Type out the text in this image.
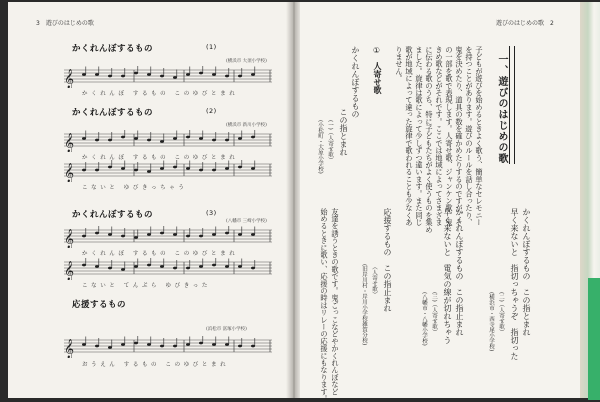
3　遊びのはじめの歌
かくれんぼするもの	(1)
(横浜市 大須小学校)
𝄞
かくれんぼ するもの このゆびとまれ
かくれんぼするもの	(2)
(横浜市 新川小学校)
𝄞
かくれんぼ するもの このゆびとまれ
𝄞
こないと ゆびきっちゃう
かくれんぼするもの	(3)
(八幡市 三崎小学校)
𝄞
かくれんぼ するもの このゆびとまれ
𝄞
こないと てんぷら ゆびきった
応援するもの
(浜松市 富塚小学校)
𝄞
おうえん するもの このゆびとまれ
遊びのはじめの歌　2
一、遊びのはじめの歌
子どもが遊びを始めるときよく歌う、簡単なセレモニー
を持つことがあります。遊びのルールを話し合ったり、
鬼を決めたり、道具の数を確かめたりするのですが、そ
の一部を歌で表現します。人寄せ歌、ジャンケン歌、鬼
きめ歌などがそれです。ここでは地域によってさまざま
に伝わる歌のうち、特に子どもたちがよく使うものを集め
ました。旋律は歌によって少しずつ違います。また同じ
歌が地域によって違った旋律で歌われることも少なくあ
りません。
①
人寄せ歌
かくれんぼするもの
この指とまれ
(一)（人寄せ歌）
(小松町・大原小学校)
かくれんぼするもの　この指とまれ
早く来ないと　指切っちゃうぞ　指切った
(二)（人寄せ歌）
(横浜市・西寺尾小学校)
かくれんぼするもの　この指止まれ
早く来ないと　電気の線が切れちゃう
(三)（人寄せ歌）
(八幡市・八幡小学校)
応援するもの　この指止まれ
（人寄せ歌）
(旧岸川村・岸川小学校雑賀分校)
友達を誘うときの歌です。鬼ごっこなどやかくれんぼなど
始めるときに歌い、応援の時はリレーの応援にもなります。
